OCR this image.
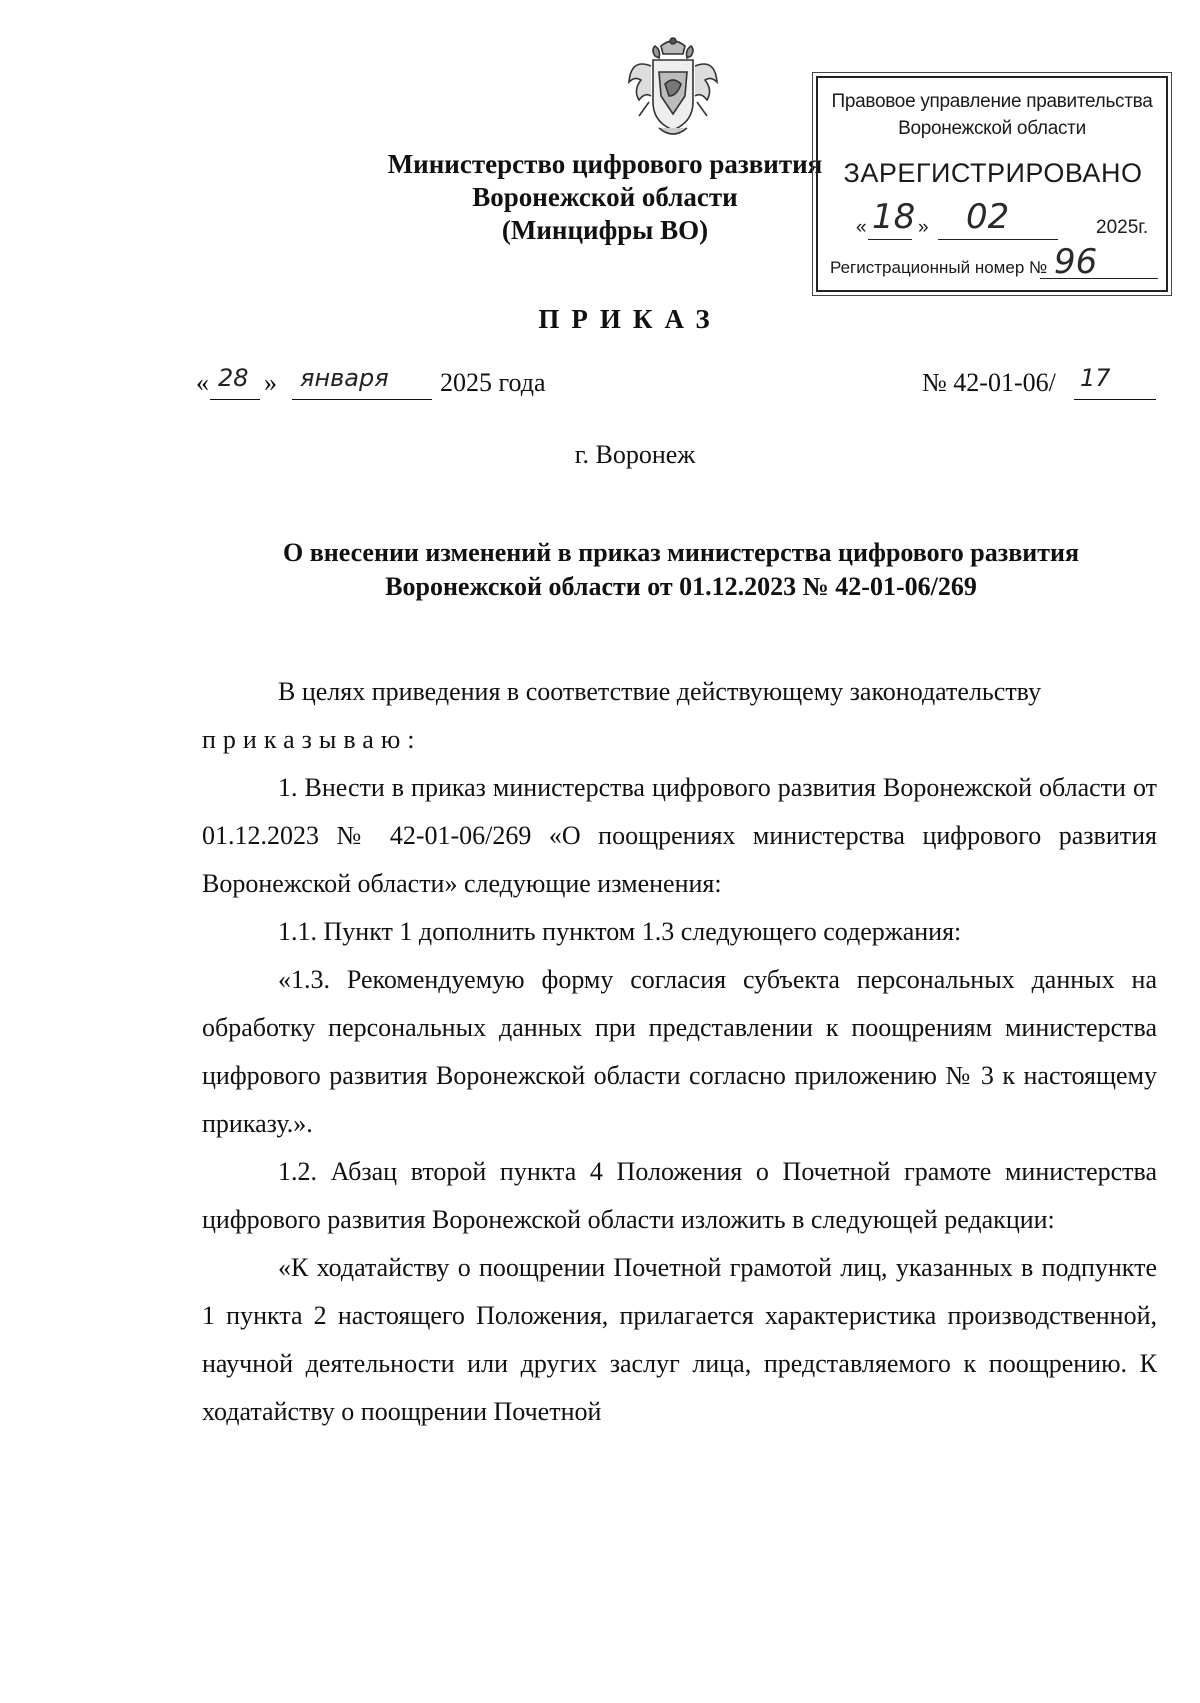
Министерство цифрового развития
Воронежской области
(Минцифры ВО)
Правовое управление правительства
Воронежской области
ЗАРЕГИСТРИРОВАНО
« 18 » 02	2025г.
Регистрационный номер № 96
ПРИКАЗ
« 28 » января 2025 года	№ 42-01-06/ 17
г. Воронеж
О внесении изменений в приказ министерства цифрового развития
Воронежской области от 01.12.2023 № 42-01-06/269

В целях приведения в соответствие действующему законодательству

приказываю:

1. Внести в приказ министерства цифрового развития Воронежской области от 01.12.2023 № 42-01-06/269 «О поощрениях министерства цифрового развития Воронежской области» следующие изменения:

1.1. Пункт 1 дополнить пунктом 1.3 следующего содержания:

«1.3. Рекомендуемую форму согласия субъекта персональных данных на обработку персональных данных при представлении к поощрениям министерства цифрового развития Воронежской области согласно приложению № 3 к настоящему приказу.».

1.2. Абзац второй пункта 4 Положения о Почетной грамоте министерства цифрового развития Воронежской области изложить в следующей редакции:

«К ходатайству о поощрении Почетной грамотой лиц, указанных в подпункте 1 пункта 2 настоящего Положения, прилагается характеристика производственной, научной деятельности или других заслуг лица, представляемого к поощрению. К ходатайству о поощрении Почетной
